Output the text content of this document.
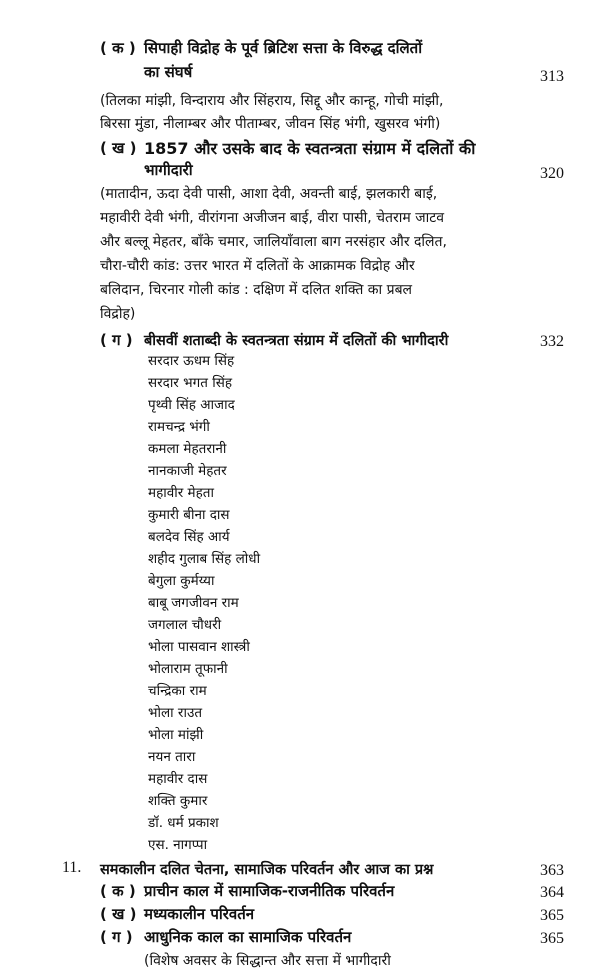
( क ) सिपाही विद्रोह के पूर्व ब्रिटिश सत्ता के विरुद्ध दलितों
का संघर्ष	313
(तिलका मांझी, विन्दाराय और सिंहराय, सिद्दू और कान्हू, गोची मांझी,
बिरसा मुंडा, नीलाम्बर और पीताम्बर, जीवन सिंह भंगी, खुसरव भंगी)
( ख ) 1857 और उसके बाद के स्वतन्त्रता संग्राम में दलितों की
भागीदारी	320
(मातादीन, ऊदा देवी पासी, आशा देवी, अवन्ती बाई, झलकारी बाई,
महावीरी देवी भंगी, वीरांगना अजीजन बाई, वीरा पासी, चेतराम जाटव
और बल्लू मेहतर, बाँके चमार, जालियाँवाला बाग नरसंहार और दलित,
चौरा-चौरी कांड: उत्तर भारत में दलितों के आक्रामक विद्रोह और
बलिदान, चिरनार गोली कांड : दक्षिण में दलित शक्ति का प्रबल
विद्रोह)
( ग ) बीसवीं शताब्दी के स्वतन्त्रता संग्राम में दलितों की भागीदारी	332
सरदार ऊधम सिंह
सरदार भगत सिंह
पृथ्वी सिंह आजाद
रामचन्द्र भंगी
कमला मेहतरानी
नानकाजी मेहतर
महावीर मेहता
कुमारी बीना दास
बलदेव सिंह आर्य
शहीद गुलाब सिंह लोधी
बेगुला कुर्मय्या
बाबू जगजीवन राम
जगलाल चौधरी
भोला पासवान शास्त्री
भोलाराम तूफानी
चन्द्रिका राम
भोला राउत
भोला मांझी
नयन तारा
महावीर दास
शक्ति कुमार
डॉ. धर्म प्रकाश
एस. नागप्पा
11. समकालीन दलित चेतना, सामाजिक परिवर्तन और आज का प्रश्न	363
( क ) प्राचीन काल में सामाजिक-राजनीतिक परिवर्तन	364
( ख ) मध्यकालीन परिवर्तन	365
( ग ) आधुनिक काल का सामाजिक परिवर्तन	365
(विशेष अवसर के सिद्धान्त और सत्ता में भागीदारी
